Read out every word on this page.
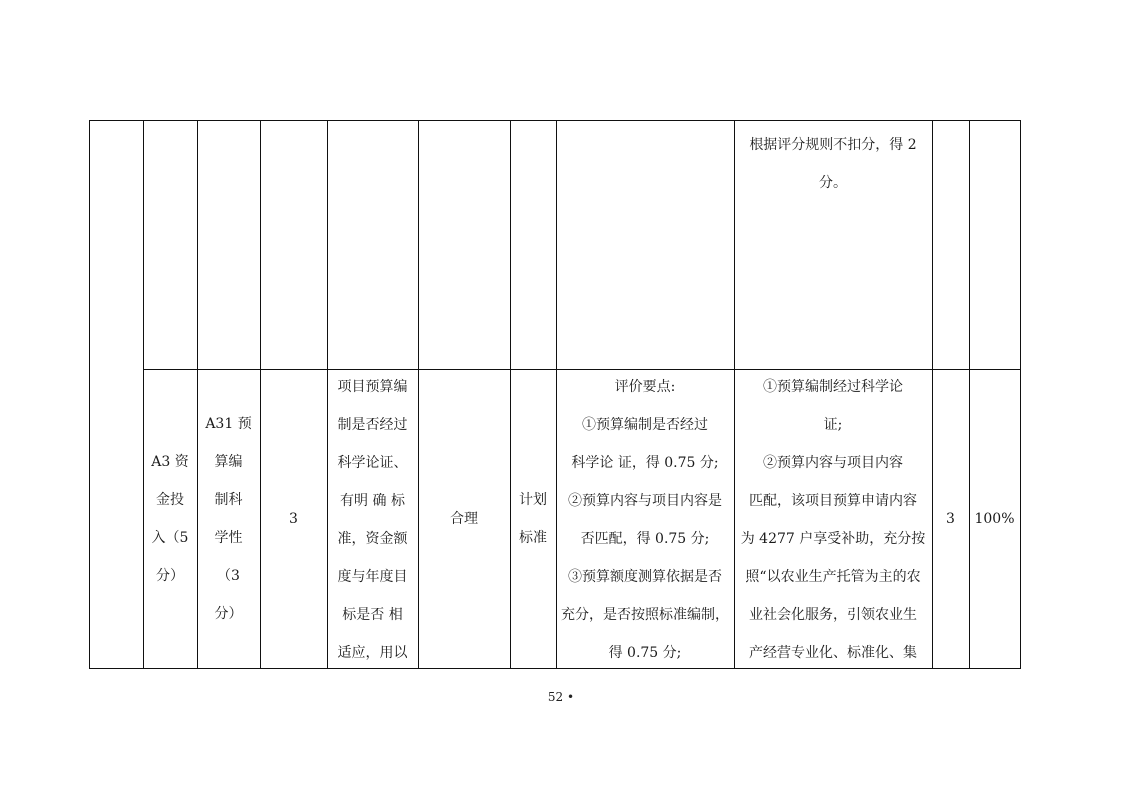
根据评分规则不扣分，得 2
分。
A3 资
金投
入（5
分）
A31 预
算编
制科
学性
（3
分）
3
项目预算编
制是否经过
科学论证、
有明 确 标
准，资金额
度与年度目
标是否 相
适应，用以
合理
计划
标准
评价要点:
①预算编制是否经过
科学论 证，得 0.75 分;
②预算内容与项目内容是
否匹配，得 0.75 分;
③预算额度测算依据是否
充分，是否按照标准编制，
得 0.75 分;
①预算编制经过科学论
证;
②预算内容与项目内容
匹配，该项目预算申请内容
为 4277 户享受补助，充分按
照“以农业生产托管为主的农
业社会化服务，引领农业生
产经营专业化、标准化、集
3 100%
52 •
